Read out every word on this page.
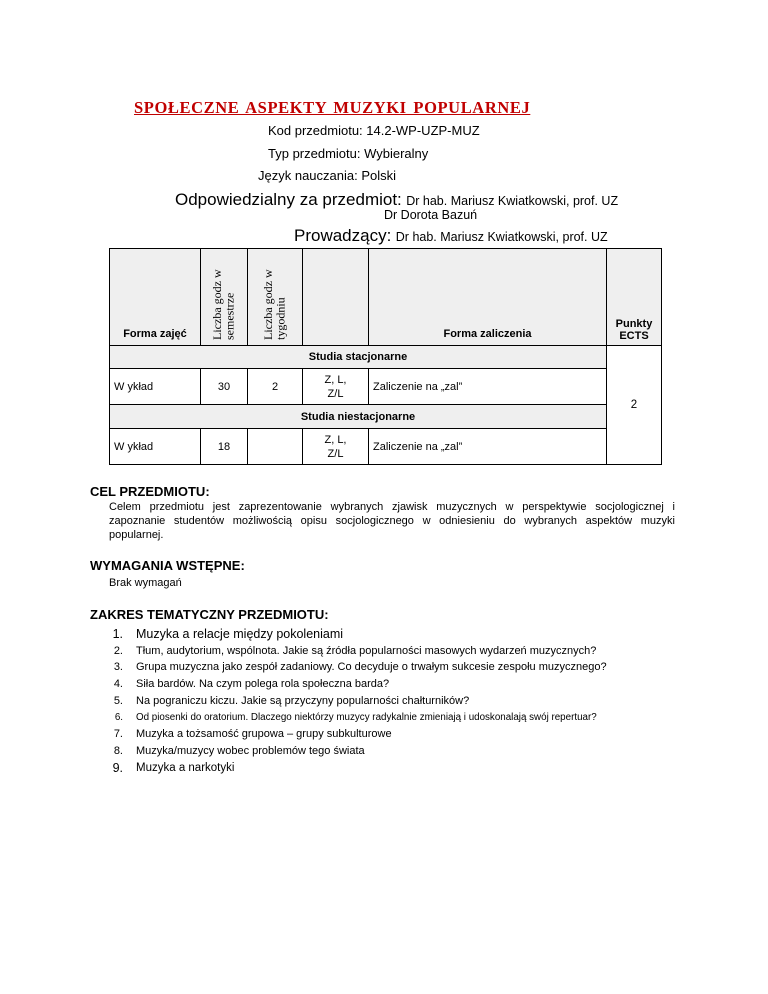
SPOŁECZNE ASPEKTY MUZYKI POPULARNEJ
Kod przedmiotu: 14.2-WP-UZP-MUZ
Typ przedmiotu: Wybieralny
Język nauczania: Polski
Odpowiedzialny za przedmiot: Dr hab. Mariusz Kwiatkowski, prof. UZ
Dr Dorota Bazuń
Prowadzący: Dr hab. Mariusz Kwiatkowski, prof. UZ
Forma zajęć	Liczba godz w semestrze	Liczba godz w tygodniu		Forma zaliczenia	Punkty ECTS
Studia stacjonarne					2
W ykład	30	2	Z, L, Z/L	Zaliczenie na „zal”	
Studia niestacjonarne					
W ykład	18		Z, L, Z/L	Zaliczenie na „zal”	
CEL PRZEDMIOTU:
Celem przedmiotu jest zaprezentowanie wybranych zjawisk muzycznych w perspektywie socjologicznej i zapoznanie studentów możliwością opisu socjologicznego w odniesieniu do wybranych aspektów muzyki popularnej.
WYMAGANIA WSTĘPNE:
Brak wymagań
ZAKRES TEMATYCZNY PRZEDMIOTU:
1. Muzyka a relacje między pokoleniami
2. Tłum, audytorium, wspólnota. Jakie są źródła popularności masowych wydarzeń muzycznych?
3. Grupa muzyczna jako zespół zadaniowy. Co decyduje o trwałym sukcesie zespołu muzycznego?
4. Siła bardów. Na czym polega rola społeczna barda?
5. Na pograniczu kiczu. Jakie są przyczyny popularności chałturników?
6. Od piosenki do oratorium. Dlaczego niektórzy muzycy radykalnie zmieniają i udoskonalają swój repertuar?
7. Muzyka a tożsamość grupowa – grupy subkulturowe
8. Muzyka/muzycy wobec problemów tego świata
9. Muzyka a narkotyki
